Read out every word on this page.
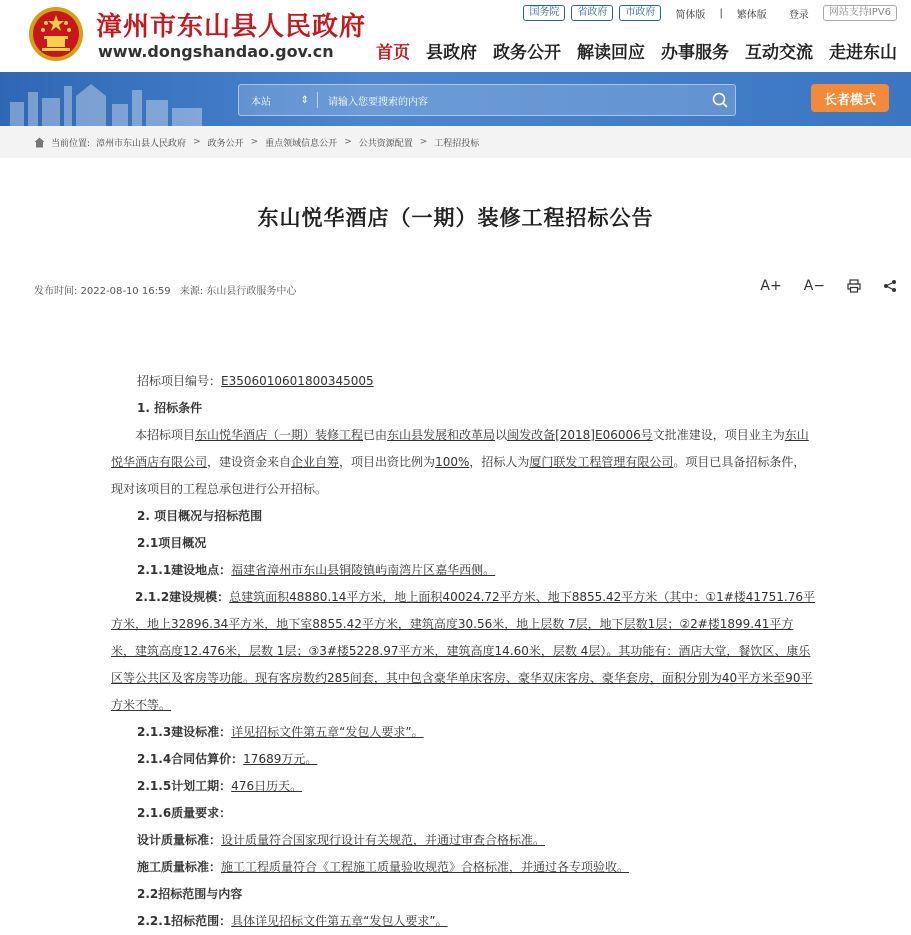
漳州市东山县人民政府
www.dongshandao.gov.cn
国务院	省政府	市政府	简体版 | 繁体版 登录	网站支持IPV6
首页 县政府 政务公开 解读回应 办事服务 互动交流 走进东山
本站	⇕	请输入您要搜索的内容	长者模式
当前位置: 漳州市东山县人民政府 > 政务公开 > 重点领域信息公开 > 公共资源配置 > 工程招投标
东山悦华酒店（一期）装修工程招标公告
发布时间: 2022-08-10 16:59 来源: 东山县行政服务中心	A+ A−

招标项目编号：E3506010601800345005

1. 招标条件

本招标项目东山悦华酒店（一期）装修工程已由东山县发展和改革局以闽发改备[2018]E06006号文批准建设，项目业主为东山悦华酒店有限公司，建设资金来自企业自筹，项目出资比例为100%，招标人为厦门联发工程管理有限公司。项目已具备招标条件，现对该项目的工程总承包进行公开招标。

2. 项目概况与招标范围

2.1项目概况

2.1.1建设地点：福建省漳州市东山县铜陵镇屿南湾片区嘉华西侧。

2.1.2建设规模：总建筑面积48880.14平方米，地上面积40024.72平方米、地下8855.42平方米（其中：①1#楼41751.76平方米，地上32896.34平方米，地下室8855.42平方米，建筑高度30.56米，地上层数 7层，地下层数1层；②2#楼1899.41平方米，建筑高度12.476米，层数 1层；③3#楼5228.97平方米，建筑高度14.60米，层数 4层）。其功能有：酒店大堂，餐饮区、康乐区等公共区及客房等功能。现有客房数约285间套，其中包含豪华单床客房、豪华双床客房、豪华套房，面积分别为40平方米至90平方米不等。

2.1.3建设标准：详见招标文件第五章“发包人要求”。

2.1.4合同估算价：17689万元。

2.1.5计划工期：476日历天。

2.1.6质量要求：

设计质量标准：设计质量符合国家现行设计有关规范，并通过审查合格标准。

施工质量标准：施工工程质量符合《工程施工质量验收规范》合格标准，并通过各专项验收。

2.2招标范围与内容

2.2.1招标范围：具体详见招标文件第五章“发包人要求”。
